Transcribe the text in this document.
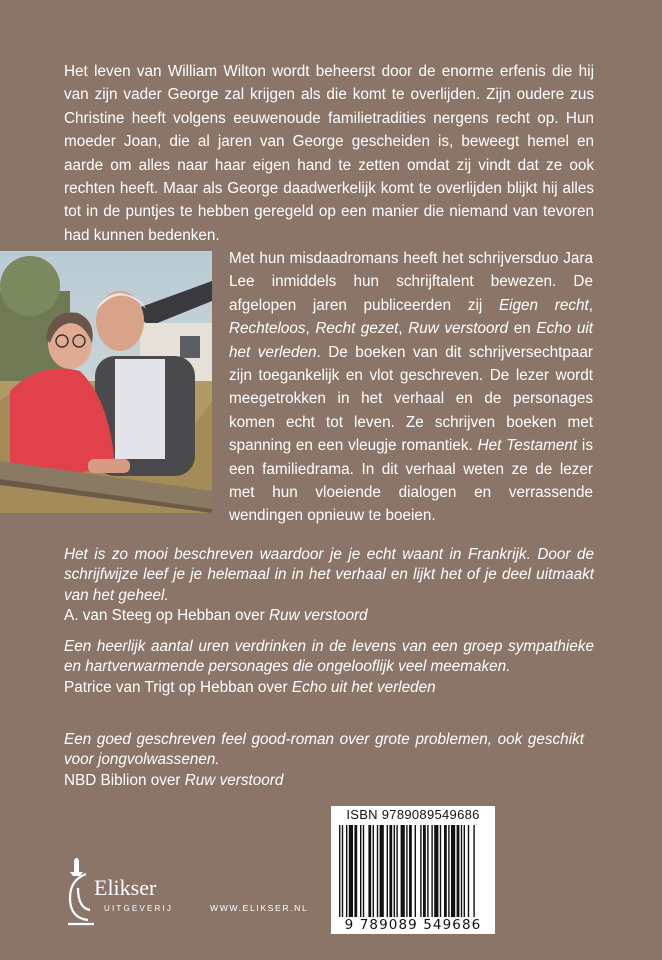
Het leven van William Wilton wordt beheerst door de enorme erfenis die hij van zijn vader George zal krijgen als die komt te overlijden. Zijn oudere zus Christine heeft volgens eeuwenoude familietradities nergens recht op. Hun moeder Joan, die al jaren van George gescheiden is, beweegt hemel en aarde om alles naar haar eigen hand te zetten omdat zij vindt dat ze ook rechten heeft. Maar als George daadwerkelijk komt te overlijden blijkt hij alles tot in de puntjes te hebben geregeld op een manier die niemand van tevoren had kunnen bedenken.

Met hun misdaadromans heeft het schrijversduo Jara Lee inmiddels hun schrijftalent bewezen. De afgelopen jaren publiceerden zij Eigen recht, Rechteloos, Recht gezet, Ruw verstoord en Echo uit het verleden. De boeken van dit schrijversechtpaar zijn toegankelijk en vlot geschreven. De lezer wordt meegetrokken in het verhaal en de personages komen echt tot leven. Ze schrijven boeken met spanning en een vleugje romantiek. Het Testament is een familiedrama. In dit verhaal weten ze de lezer met hun vloeiende dialogen en verrassende wendingen opnieuw te boeien.

Het is zo mooi beschreven waardoor je je echt waant in Frankrijk. Door de schrijfwijze leef je je helemaal in in het verhaal en lijkt het of je deel uitmaakt van het geheel.
A. van Steeg op Hebban over Ruw verstoord
Een heerlijk aantal uren verdrinken in de levens van een groep sympathieke en hartverwarmende personages die ongelooflijk veel meemaken.
Patrice van Trigt op Hebban over Echo uit het verleden
Een goed geschreven feel good-roman over grote problemen, ook geschikt voor jongvolwassenen.
NBD Biblion over Ruw verstoord
Elikser
UITGEVERIJ	WWW.ELIKSER.NL
ISBN 9789089549686
9 789089 549686
